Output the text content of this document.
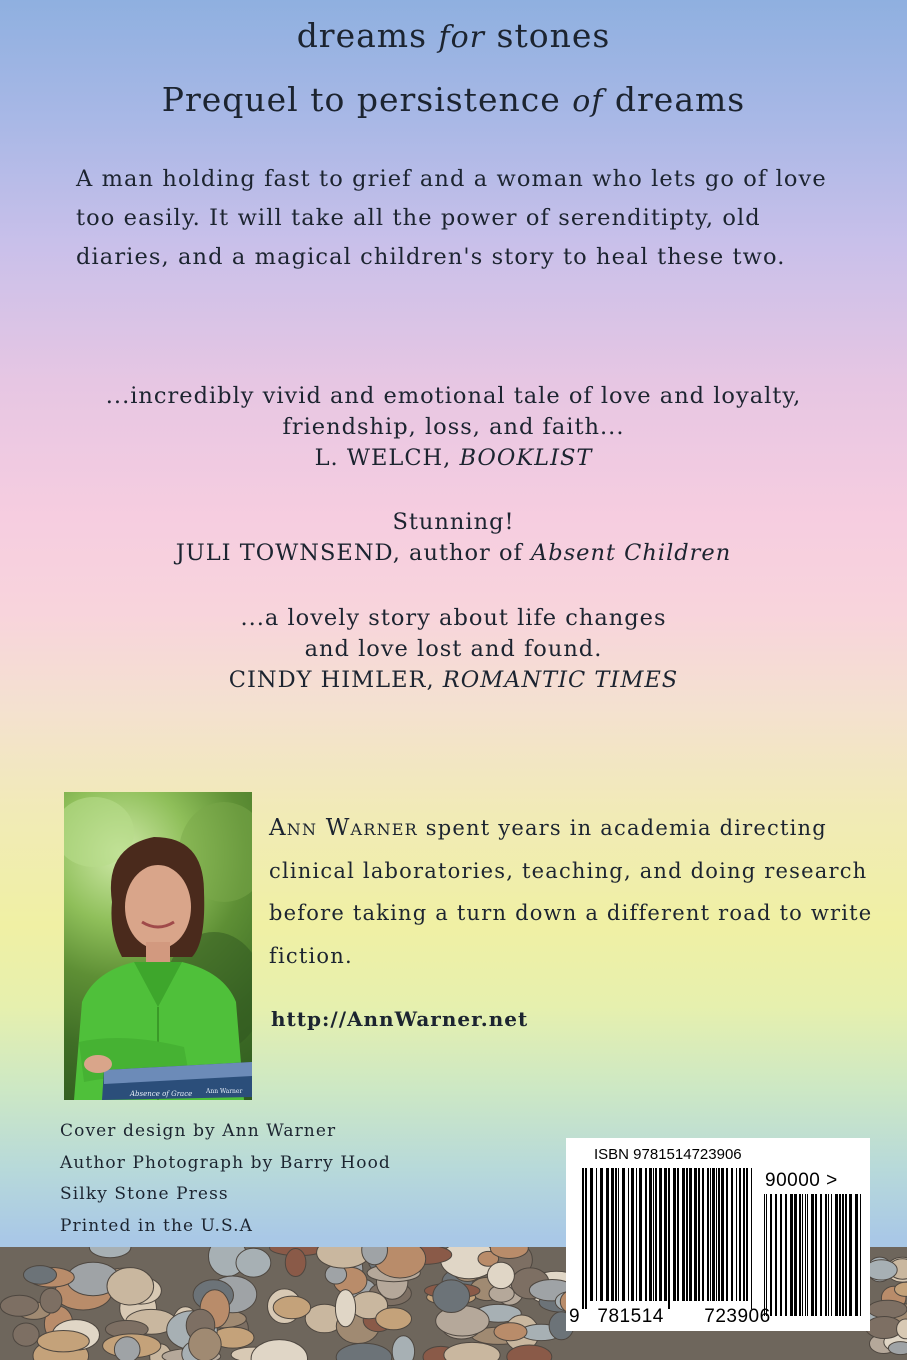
dreams for stones
Prequel to persistence of dreams
A man holding fast to grief and a woman who lets go of love too easily. It will take all the power of serenditipty, old diaries, and a magical children's story to heal these two.
...incredibly vivid and emotional tale of love and loyalty,
friendship, loss, and faith...
L. WELCH, BOOKLIST
Stunning!
JULI TOWNSEND, author of Absent Children
...a lovely story about life changes
and love lost and found.
CINDY HIMLER, ROMANTIC TIMES
Absence of Grace Ann Warner
Ann Warner spent years in academia directing clinical laboratories, teaching, and doing research before taking a turn down a different road to write fiction.
http://AnnWarner.net
Cover design by Ann Warner
Author Photograph by Barry Hood
Silky Stone Press
Printed in the U.S.A
ISBN 9781514723906
90000 >
9 781514 723906
